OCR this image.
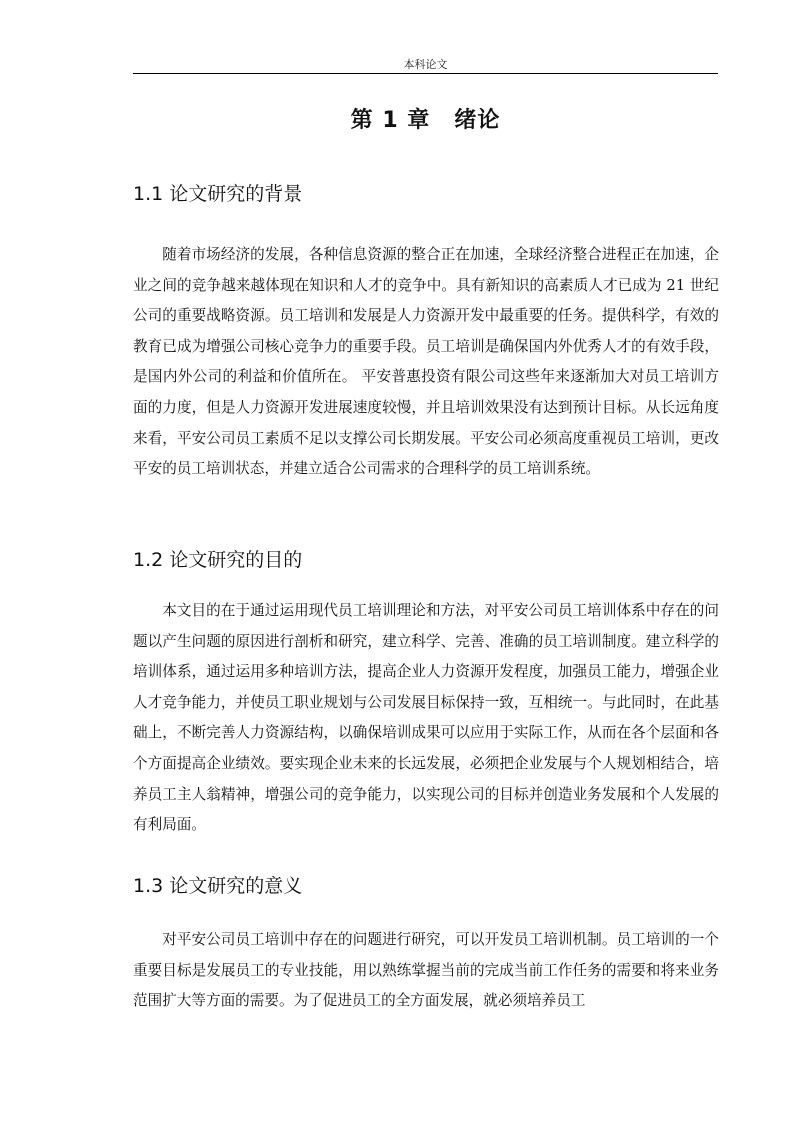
本科论文
第 1 章 绪论
1.1 论文研究的背景

随着市场经济的发展，各种信息资源的整合正在加速，全球经济整合进程正在加速，企业之间的竞争越来越体现在知识和人才的竞争中。具有新知识的高素质人才已成为 21 世纪公司的重要战略资源。员工培训和发展是人力资源开发中最重要的任务。提供科学，有效的教育已成为增强公司核心竞争力的重要手段。员工培训是确保国内外优秀人才的有效手段，是国内外公司的利益和价值所在。 平安普惠投资有限公司这些年来逐渐加大对员工培训方面的力度，但是人力资源开发进展速度较慢，并且培训效果没有达到预计目标。从长远角度来看，平安公司员工素质不足以支撑公司长期发展。平安公司必须高度重视员工培训，更改平安的员工培训状态，并建立适合公司需求的合理科学的员工培训系统。

1.2 论文研究的目的

本文目的在于通过运用现代员工培训理论和方法，对平安公司员工培训体系中存在的问题以产生问题的原因进行剖析和研究，建立科学、完善、准确的员工培训制度。建立科学的培训体系，通过运用多种培训方法，提高企业人力资源开发程度，加强员工能力，增强企业人才竞争能力，并使员工职业规划与公司发展目标保持一致，互相统一。与此同时，在此基础上，不断完善人力资源结构，以确保培训成果可以应用于实际工作，从而在各个层面和各个方面提高企业绩效。要实现企业未来的长远发展，必须把企业发展与个人规划相结合，培养员工主人翁精神，增强公司的竞争能力，以实现公司的目标并创造业务发展和个人发展的有利局面。

1.3 论文研究的意义

对平安公司员工培训中存在的问题进行研究，可以开发员工培训机制。员工培训的一个重要目标是发展员工的专业技能，用以熟练掌握当前的完成当前工作任务的需要和将来业务范围扩大等方面的需要。为了促进员工的全方面发展，就必须培养员工
